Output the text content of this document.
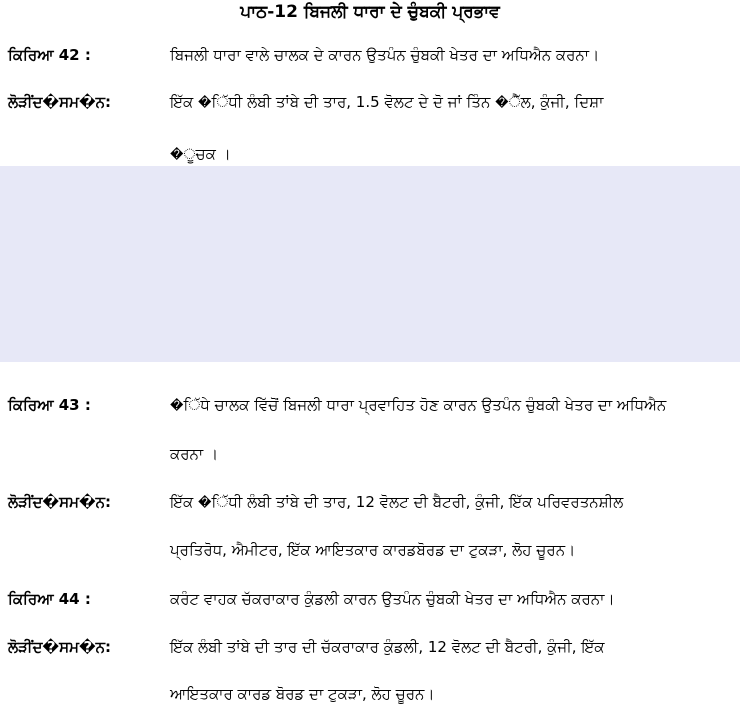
ਪਾਠ-12 ਬਿਜਲੀ ਧਾਰਾ ਦੇ ਚੁੰਬਕੀ ਪ੍ਰਭਾਵ
ਕਿਰਿਆ 42 :	ਬਿਜਲੀ ਧਾਰਾ ਵਾਲੇ ਚਾਲਕ ਦੇ ਕਾਰਨ ਉਤਪੰਨ ਚੁੰਬਕੀ ਖੇਤਰ ਦਾ ਅਧਿਐਨ ਕਰਨਾ।
ਲੋੜੀਂਦ�ਸਮ�ਨ:	ਇੱਕ �ਿੱਧੀ ਲੰਬੀ ਤਾਂਬੇ ਦੀ ਤਾਰ, 1.5 ਵੋਲਟ ਦੇ ਦੋ ਜਾਂ ਤਿੰਨ �ੈੱਲ, ਕੁੰਜੀ, ਦਿਸ਼ਾ
�ੂਚਕ ।
ਕਿਰਿਆ 43 :	�ਿੱਧੇ ਚਾਲਕ ਵਿੱਚੋਂ ਬਿਜਲੀ ਧਾਰਾ ਪ੍ਰਵਾਹਿਤ ਹੋਣ ਕਾਰਨ ਉਤਪੰਨ ਚੁੰਬਕੀ ਖੇਤਰ ਦਾ ਅਧਿਐਨ
ਕਰਨਾ ।
ਲੋੜੀਂਦ�ਸਮ�ਨ:	ਇੱਕ �ਿੱਧੀ ਲੰਬੀ ਤਾਂਬੇ ਦੀ ਤਾਰ, 12 ਵੋਲਟ ਦੀ ਬੈਟਰੀ, ਕੁੰਜੀ, ਇੱਕ ਪਰਿਵਰਤਨਸ਼ੀਲ
ਪ੍ਰਤਿਰੋਧ, ਐਮੀਟਰ, ਇੱਕ ਆਇਤਕਾਰ ਕਾਰਡਬੋਰਡ ਦਾ ਟੁਕੜਾ, ਲੋਹ ਚੂਰਨ।
ਕਿਰਿਆ 44 :	ਕਰੰਟ ਵਾਹਕ ਚੱਕਰਾਕਾਰ ਕੁੰਡਲੀ ਕਾਰਨ ਉਤਪੰਨ ਚੁੰਬਕੀ ਖੇਤਰ ਦਾ ਅਧਿਐਨ ਕਰਨਾ।
ਲੋੜੀਂਦ�ਸਮ�ਨ:	ਇੱਕ ਲੰਬੀ ਤਾਂਬੇ ਦੀ ਤਾਰ ਦੀ ਚੱਕਰਾਕਾਰ ਕੁੰਡਲੀ, 12 ਵੋਲਟ ਦੀ ਬੈਟਰੀ, ਕੁੰਜੀ, ਇੱਕ
ਆਇਤਕਾਰ ਕਾਰਡ ਬੋਰਡ ਦਾ ਟੁਕੜਾ, ਲੋਹ ਚੂਰਨ।
